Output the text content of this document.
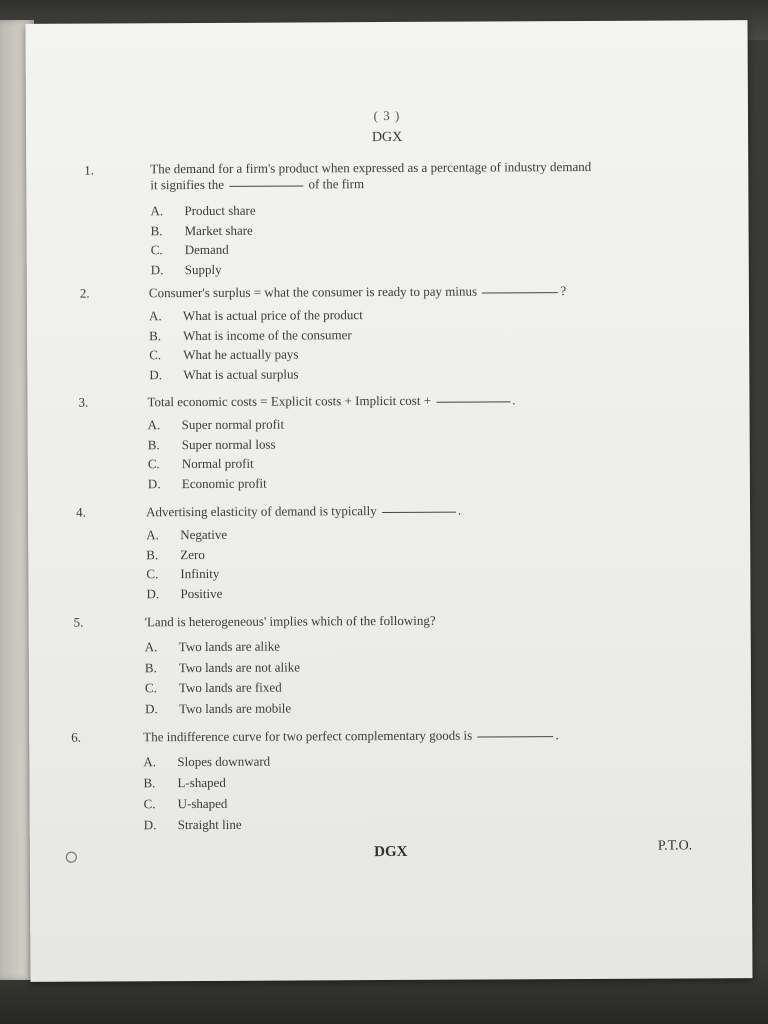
( 3 )
DGX
1.	The demand for a firm's product when expressed as a percentage of industry demand
it signifies the	of the firm
A. Product share
B. Market share
C. Demand
D. Supply
2.	Consumer's surplus = what the consumer is ready to pay minus	?
A. What is actual price of the product
B. What is income of the consumer
C. What he actually pays
D. What is actual surplus
3.	Total economic costs = Explicit costs + Implicit cost +	.
A. Super normal profit
B. Super normal loss
C. Normal profit
D. Economic profit
4.	Advertising elasticity of demand is typically	.
A. Negative
B. Zero
C. Infinity
D. Positive
5.	'Land is heterogeneous' implies which of the following?
A. Two lands are alike
B. Two lands are not alike
C. Two lands are fixed
D. Two lands are mobile
6.	The indifference curve for two perfect complementary goods is	.
A. Slopes downward
B. L-shaped
C. U-shaped
D. Straight line
DGX	P.T.O.
